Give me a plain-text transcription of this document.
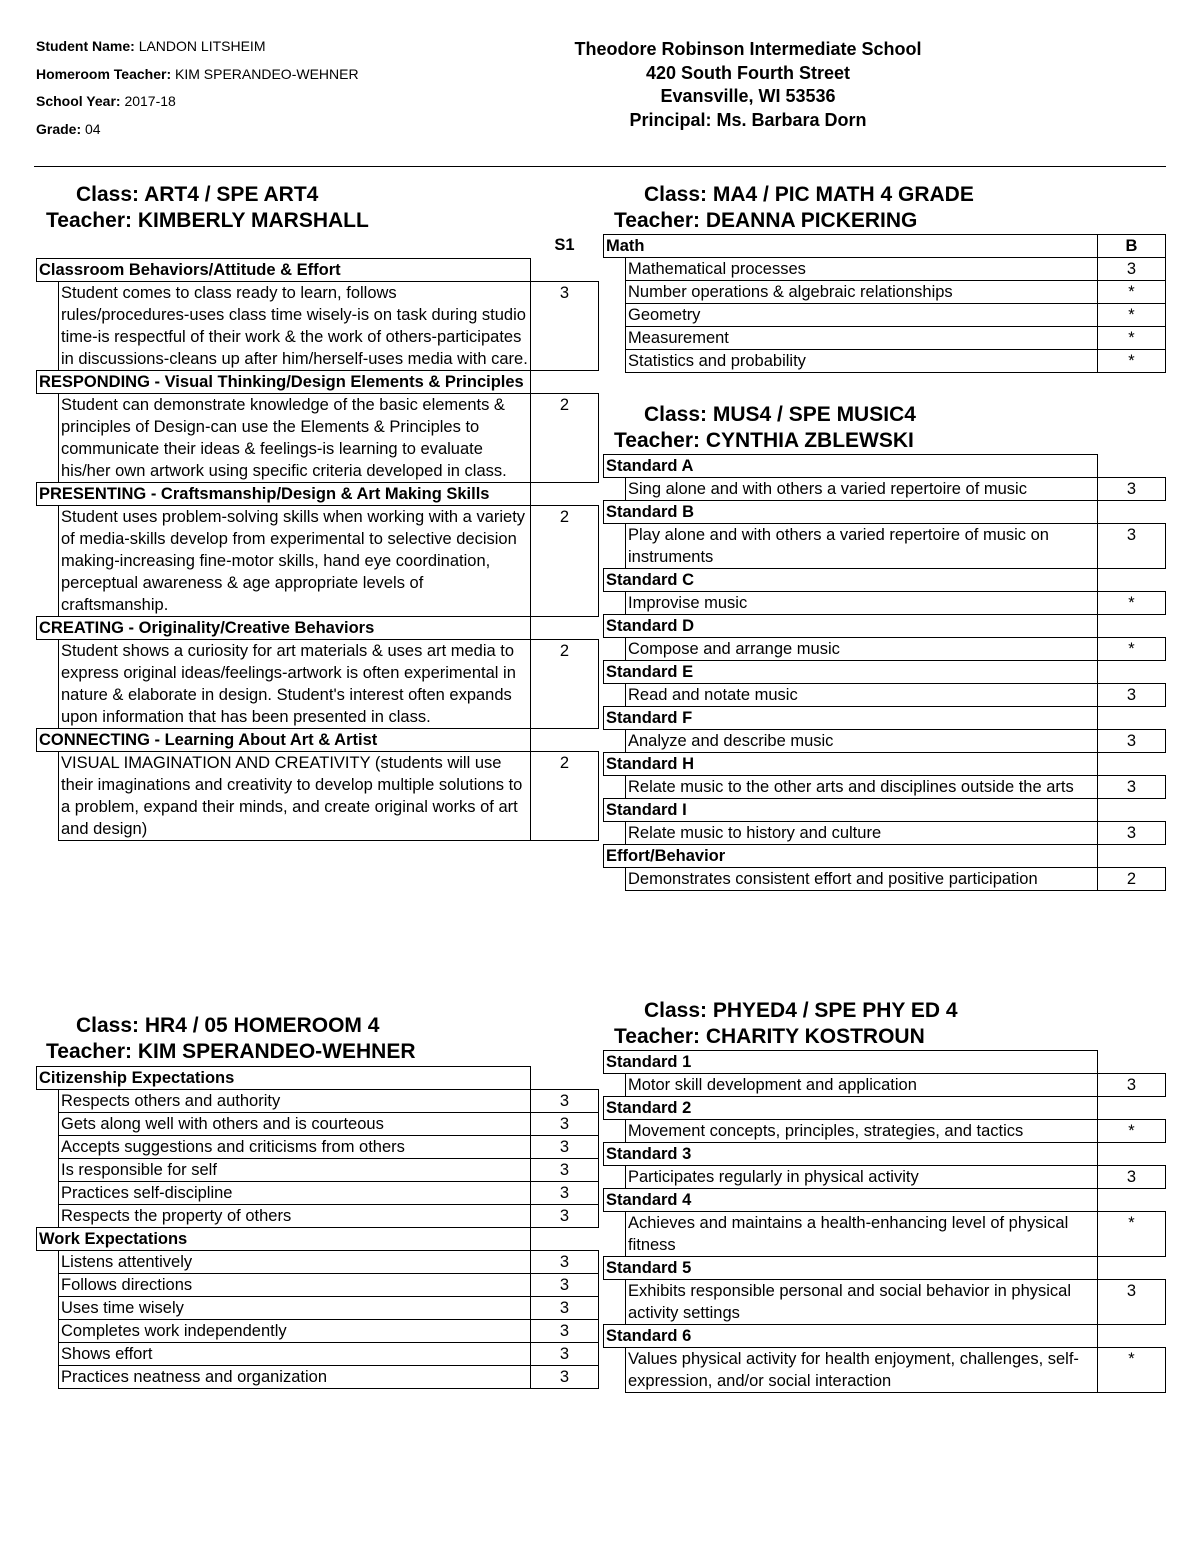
Student Name: LANDON LITSHEIM
Homeroom Teacher: KIM SPERANDEO-WEHNER
School Year: 2017-18
Grade: 04
Theodore Robinson Intermediate School
420 South Fourth Street
Evansville, WI 53536
Principal: Ms. Barbara Dorn
Class: ART4 / SPE ART4
Teacher: KIMBERLY MARSHALL
		S1
Classroom Behaviors/Attitude & Effort		
	Student comes to class ready to learn, follows rules/procedures-uses class time wisely-is on task during studio time-is respectful of their work & the work of others-participates in discussions-cleans up after him/herself-uses media with care.	3
RESPONDING - Visual Thinking/Design Elements & Principles		
	Student can demonstrate knowledge of the basic elements & principles of Design-can use the Elements & Principles to communicate their ideas & feelings-is learning to evaluate his/her own artwork using specific criteria developed in class.	2
PRESENTING - Craftsmanship/Design & Art Making Skills		
	Student uses problem-solving skills when working with a variety of media-skills develop from experimental to selective decision making-increasing fine-motor skills, hand eye coordination, perceptual awareness & age appropriate levels of craftsmanship.	2
CREATING - Originality/Creative Behaviors		
	Student shows a curiosity for art materials & uses art media to express original ideas/feelings-artwork is often experimental in nature & elaborate in design. Student's interest often expands upon information that has been presented in class.	2
CONNECTING - Learning About Art & Artist		
	VISUAL IMAGINATION AND CREATIVITY (students will use their imaginations and creativity to develop multiple solutions to a problem, expand their minds, and create original works of art and design)	2
Class: HR4 / 05 HOMEROOM 4
Teacher: KIM SPERANDEO-WEHNER
Citizenship Expectations		
	Respects others and authority	3
	Gets along well with others and is courteous	3
	Accepts suggestions and criticisms from others	3
	Is responsible for self	3
	Practices self-discipline	3
	Respects the property of others	3
Work Expectations		
	Listens attentively	3
	Follows directions	3
	Uses time wisely	3
	Completes work independently	3
	Shows effort	3
	Practices neatness and organization	3
Class: MA4 / PIC MATH 4 GRADE
Teacher: DEANNA PICKERING
Math		B
	Mathematical processes	3
	Number operations & algebraic relationships	*
	Geometry	*
	Measurement	*
	Statistics and probability	*
Class: MUS4 / SPE MUSIC4
Teacher: CYNTHIA ZBLEWSKI
Standard A		
	Sing alone and with others a varied repertoire of music	3
Standard B		
	Play alone and with others a varied repertoire of music on instruments	3
Standard C		
	Improvise music	*
Standard D		
	Compose and arrange music	*
Standard E		
	Read and notate music	3
Standard F		
	Analyze and describe music	3
Standard H		
	Relate music to the other arts and disciplines outside the arts	3
Standard I		
	Relate music to history and culture	3
Effort/Behavior		
	Demonstrates consistent effort and positive participation	2
Class: PHYED4 / SPE PHY ED 4
Teacher: CHARITY KOSTROUN
Standard 1		
	Motor skill development and application	3
Standard 2		
	Movement concepts, principles, strategies, and tactics	*
Standard 3		
	Participates regularly in physical activity	3
Standard 4		
	Achieves and maintains a health-enhancing level of physical fitness	*
Standard 5		
	Exhibits responsible personal and social behavior in physical activity settings	3
Standard 6		
	Values physical activity for health enjoyment, challenges, self-expression, and/or social interaction	*
